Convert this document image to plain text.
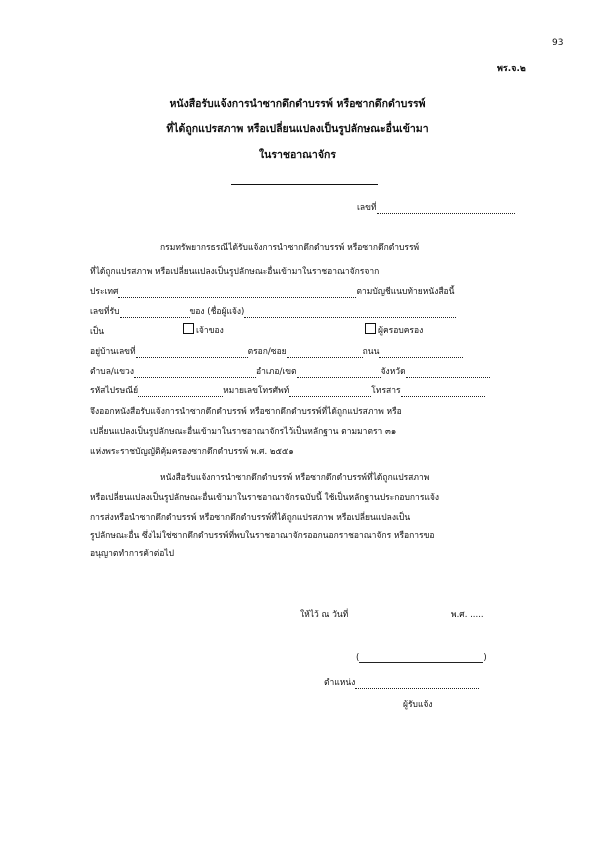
93
พร.จ.๒
หนังสือรับแจ้งการนำซากดึกดำบรรพ์ หรือซากดึกดำบรรพ์
ที่ได้ถูกแปรสภาพ หรือเปลี่ยนแปลงเป็นรูปลักษณะอื่นเข้ามา
ในราชอาณาจักร
เลขที่
กรมทรัพยากรธรณีได้รับแจ้งการนำซากดึกดำบรรพ์ หรือซากดึกดำบรรพ์
ที่ได้ถูกแปรสภาพ หรือเปลี่ยนแปลงเป็นรูปลักษณะอื่นเข้ามาในราชอาณาจักรจาก
ประเทศ	ตามบัญชีแนบท้ายหนังสือนี้
เลขที่รับ	ของ (ชื่อผู้แจ้ง)
เป็น	เจ้าของ	ผู้ครอบครอง
อยู่บ้านเลขที่	ตรอก/ซอย	ถนน
ตำบล/แขวง	อำเภอ/เขต	จังหวัด
รหัสไปรษณีย์	หมายเลขโทรศัพท์	โทรสาร
จึงออกหนังสือรับแจ้งการนำซากดึกดำบรรพ์ หรือซากดึกดำบรรพ์ที่ได้ถูกแปรสภาพ หรือ
เปลี่ยนแปลงเป็นรูปลักษณะอื่นเข้ามาในราชอาณาจักรไว้เป็นหลักฐาน ตามมาตรา ๓๑
แห่งพระราชบัญญัติคุ้มครองซากดึกดำบรรพ์ พ.ศ. ๒๕๕๑
หนังสือรับแจ้งการนำซากดึกดำบรรพ์ หรือซากดึกดำบรรพ์ที่ได้ถูกแปรสภาพ
หรือเปลี่ยนแปลงเป็นรูปลักษณะอื่นเข้ามาในราชอาณาจักรฉบับนี้ ใช้เป็นหลักฐานประกอบการแจ้ง
การส่งหรือนำซากดึกดำบรรพ์ หรือซากดึกดำบรรพ์ที่ได้ถูกแปรสภาพ หรือเปลี่ยนแปลงเป็น
รูปลักษณะอื่น ซึ่งไม่ใช่ซากดึกดำบรรพ์ที่พบในราชอาณาจักรออกนอกราชอาณาจักร หรือการขอ
อนุญาตทำการค้าต่อไป
ให้ไว้ ณ วันที่	พ.ศ. .....
(	)
ตำแหน่ง
ผู้รับแจ้ง
